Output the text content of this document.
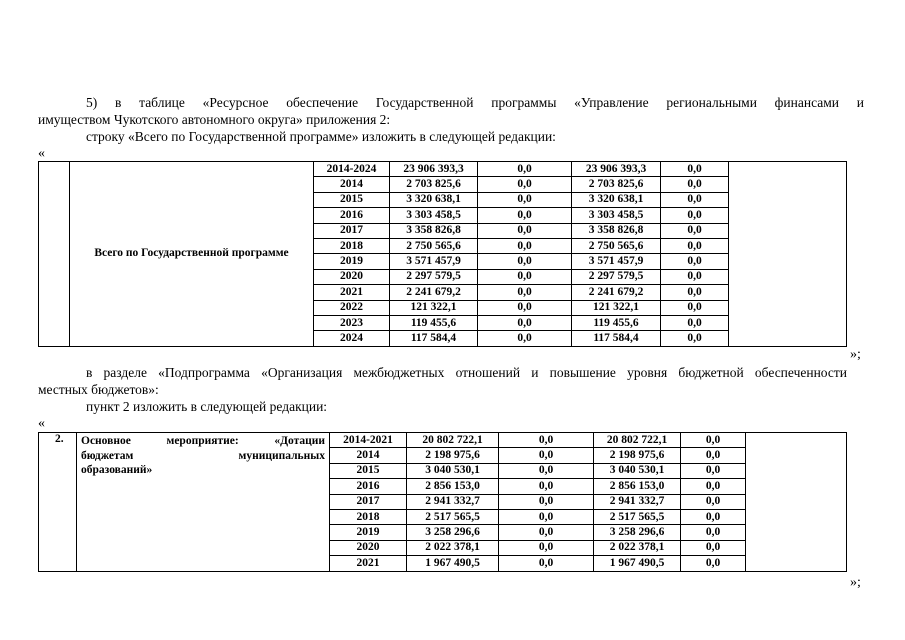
5) в таблице «Ресурсное обеспечение Государственной программы «Управление региональными финансами и
имуществом Чукотского автономного округа» приложения 2:
строку «Всего по Государственной программе» изложить в следующей редакции:
«
	Всего по Государственной программе	2014-2024	23 906 393,3	0,0	23 906 393,3	0,0	
		2014	2 703 825,6	0,0	2 703 825,6	0,0	
		2015	3 320 638,1	0,0	3 320 638,1	0,0	
		2016	3 303 458,5	0,0	3 303 458,5	0,0	
		2017	3 358 826,8	0,0	3 358 826,8	0,0	
		2018	2 750 565,6	0,0	2 750 565,6	0,0	
		2019	3 571 457,9	0,0	3 571 457,9	0,0	
		2020	2 297 579,5	0,0	2 297 579,5	0,0	
		2021	2 241 679,2	0,0	2 241 679,2	0,0	
		2022	121 322,1	0,0	121 322,1	0,0	
		2023	119 455,6	0,0	119 455,6	0,0	
		2024	117 584,4	0,0	117 584,4	0,0	
»;
в разделе «Подпрограмма «Организация межбюджетных отношений и повышение уровня бюджетной обеспеченности
местных бюджетов»:
пункт 2 изложить в следующей редакции:
«
2.	Основное мероприятие: «Дотации
бюджетам муниципальных
образований»	2014-2021	20 802 722,1	0,0	20 802 722,1	0,0	
		2014	2 198 975,6	0,0	2 198 975,6	0,0	
		2015	3 040 530,1	0,0	3 040 530,1	0,0	
		2016	2 856 153,0	0,0	2 856 153,0	0,0	
		2017	2 941 332,7	0,0	2 941 332,7	0,0	
		2018	2 517 565,5	0,0	2 517 565,5	0,0	
		2019	3 258 296,6	0,0	3 258 296,6	0,0	
		2020	2 022 378,1	0,0	2 022 378,1	0,0	
		2021	1 967 490,5	0,0	1 967 490,5	0,0	
»;
